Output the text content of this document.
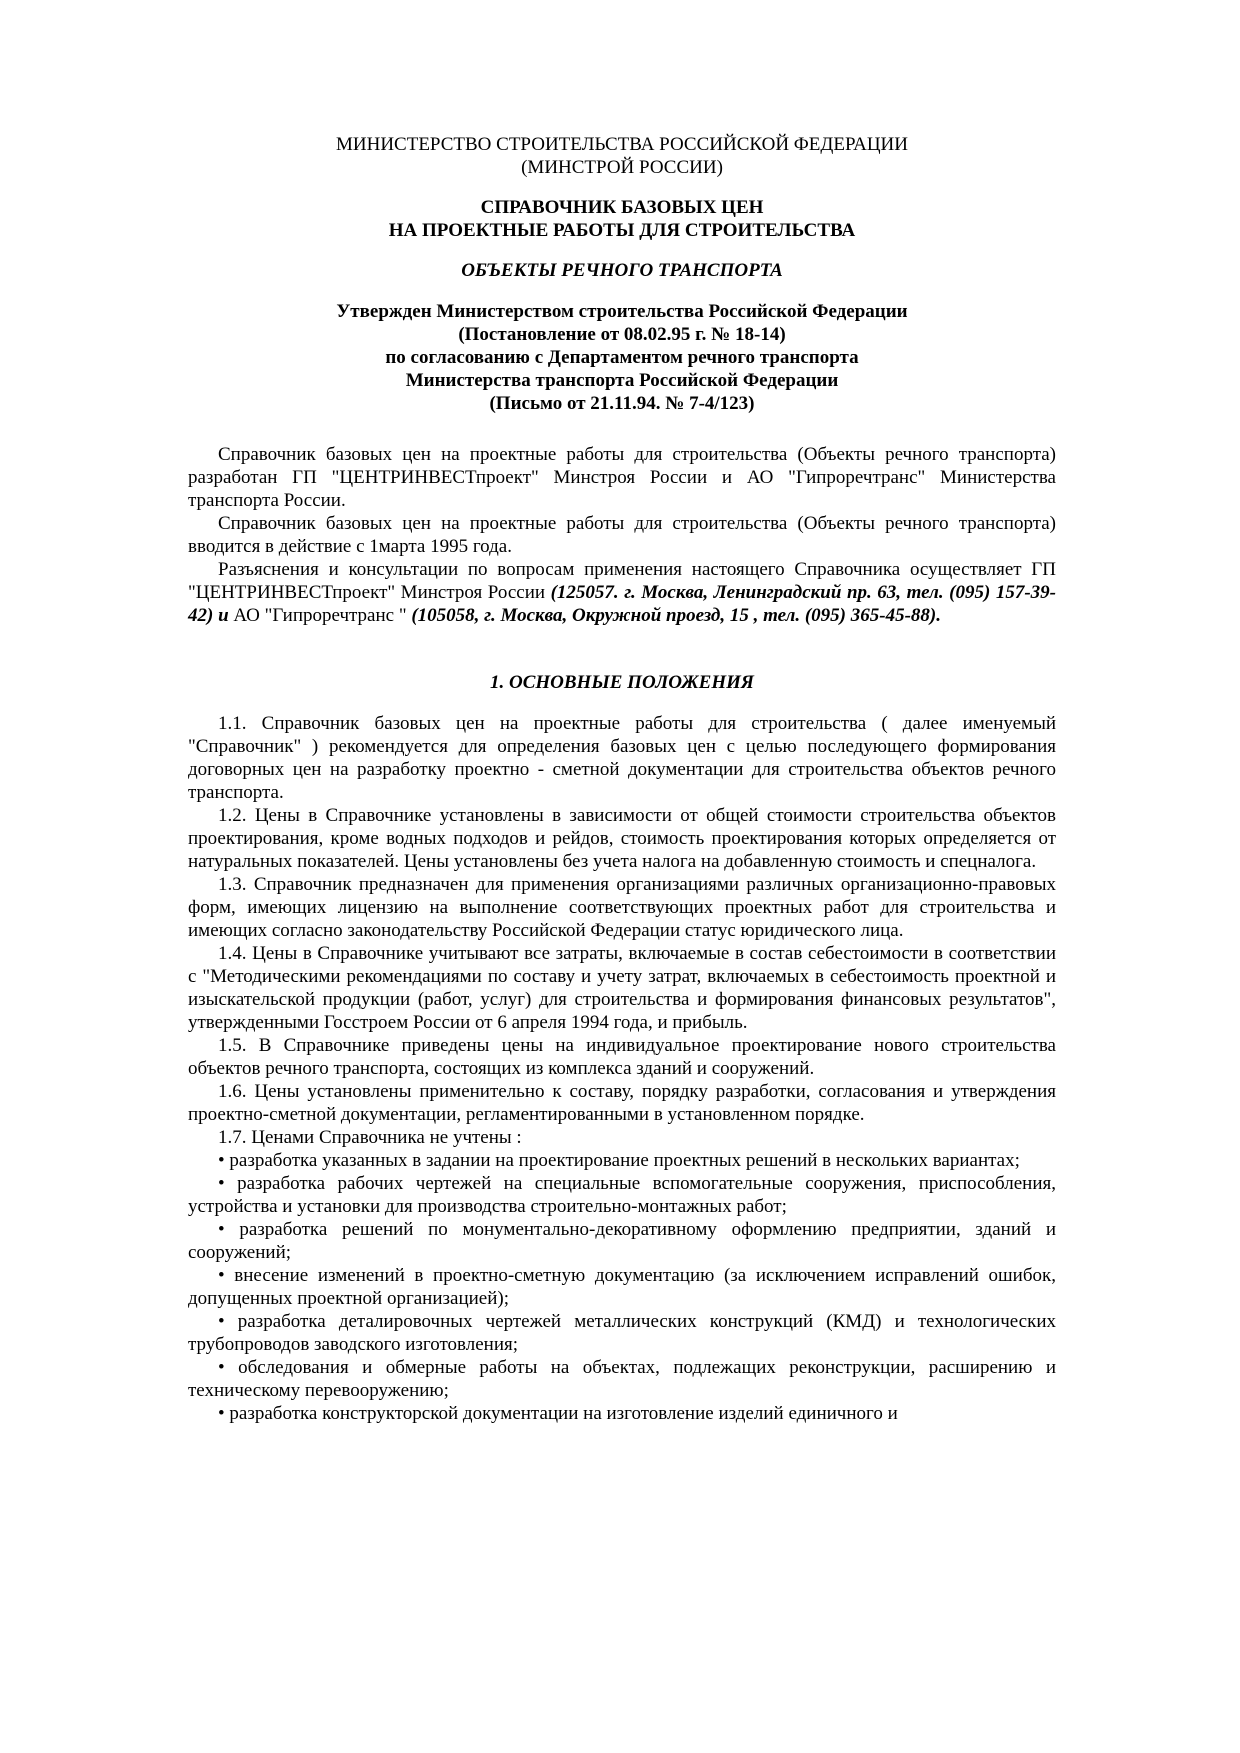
МИНИСТЕРСТВО СТРОИТЕЛЬСТВА РОССИЙСКОЙ ФЕДЕРАЦИИ
(МИНСТРОЙ РОССИИ)
СПРАВОЧНИК БАЗОВЫХ ЦЕН
НА ПРОЕКТНЫЕ РАБОТЫ ДЛЯ СТРОИТЕЛЬСТВА
ОБЪЕКТЫ РЕЧНОГО ТРАНСПОРТА
Утвержден Министерством строительства Российской Федерации
(Постановление от 08.02.95 г. № 18-14)
по согласованию с Департаментом речного транспорта
Министерства транспорта Российской Федерации
(Письмо от 21.11.94. № 7-4/123)

Справочник базовых цен на проектные работы для строительства (Объекты речного транспорта) разработан ГП "ЦЕНТРИНВЕСТпроект" Минстроя России и АО "Гипроречтранс" Министерства транспорта России.

Справочник базовых цен на проектные работы для строительства (Объекты речного транспорта) вводится в действие с 1марта 1995 года.

Разъяснения и консультации по вопросам применения настоящего Справочника осуществляет ГП "ЦЕНТРИНВЕСТпроект" Минстроя России (125057. г. Москва, Ленинградский пр. 63, тел. (095) 157-39-42) и АО "Гипроречтранс " (105058, г. Москва, Окружной проезд, 15 , тел. (095) 365-45-88).

1. ОСНОВНЫЕ ПОЛОЖЕНИЯ

1.1. Справочник базовых цен на проектные работы для строительства ( далее именуемый "Справочник" ) рекомендуется для определения базовых цен с целью последующего формирования договорных цен на разработку проектно - сметной документации для строительства объектов речного транспорта.

1.2. Цены в Справочнике установлены в зависимости от общей стоимости строительства объектов проектирования, кроме водных подходов и рейдов, стоимость проектирования которых определяется от натуральных показателей. Цены установлены без учета налога на добавленную стоимость и спецналога.

1.3. Справочник предназначен для применения организациями различных организационно-правовых форм, имеющих лицензию на выполнение соответствующих проектных работ для строительства и имеющих согласно законодательству Российской Федерации статус юридического лица.

1.4. Цены в Справочнике учитывают все затраты, включаемые в состав себестоимости в соответствии с "Методическими рекомендациями по составу и учету затрат, включаемых в себестоимость проектной и изыскательской продукции (работ, услуг) для строительства и формирования финансовых результатов", утвержденными Госстроем России от 6 апреля 1994 года, и прибыль.

1.5. В Справочнике приведены цены на индивидуальное проектирование нового строительства объектов речного транспорта, состоящих из комплекса зданий и сооружений.

1.6. Цены установлены применительно к составу, порядку разработки, согласования и утверждения проектно-сметной документации, регламентированными в установленном порядке.

1.7. Ценами Справочника не учтены :

• разработка указанных в задании на проектирование проектных решений в нескольких вариантах;

• разработка рабочих чертежей на специальные вспомогательные сооружения, приспособления, устройства и установки для производства строительно-монтажных работ;

• разработка решений по монументально-декоративному оформлению предприятии, зданий и сооружений;

• внесение изменений в проектно-сметную документацию (за исключением исправлений ошибок, допущенных проектной организацией);

• разработка деталировочных чертежей металлических конструкций (КМД) и технологических трубопроводов заводского изготовления;

• обследования и обмерные работы на объектах, подлежащих реконструкции, расширению и техническому перевооружению;

• разработка конструкторской документации на изготовление изделий единичного и
